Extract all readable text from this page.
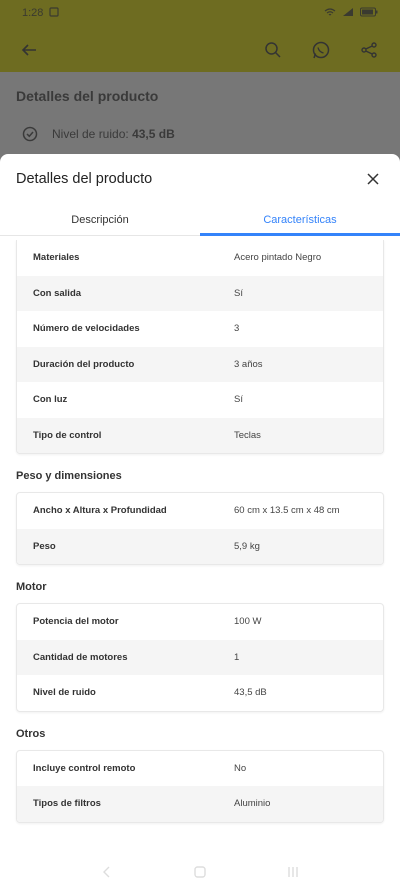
1:28
Detalles del producto
Nivel de ruido: 43,5 dB
Detalles del producto
Descripción	Características
Materiales	Acero pintado Negro
Con salida	Sí
Número de velocidades	3
Duración del producto	3 años
Con luz	Sí
Tipo de control	Teclas
Peso y dimensiones
Ancho x Altura x Profundidad	60 cm x 13.5 cm x 48 cm
Peso	5,9 kg
Motor
Potencia del motor	100 W
Cantidad de motores	1
Nivel de ruido	43,5 dB
Otros
Incluye control remoto	No
Tipos de filtros	Aluminio
